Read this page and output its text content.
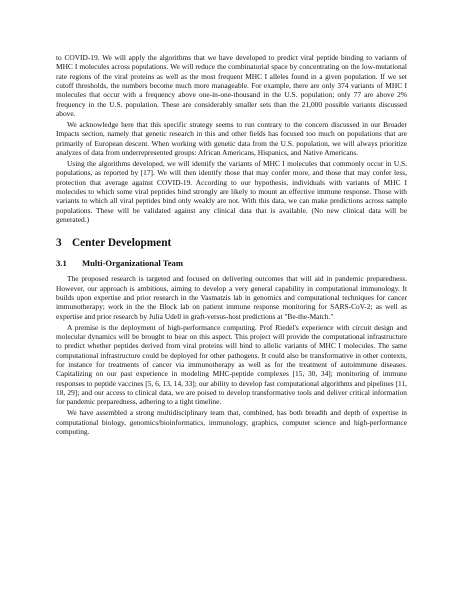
to COVID-19. We will apply the algorithms that we have developed to predict viral peptide binding to variants of MHC I molecules across populations. We will reduce the combinatorial space by concentrating on the low-mutational rate regions of the viral proteins as well as the most frequent MHC I alleles found in a given population. If we set cutoff thresholds, the numbers become much more manageable. For example, there are only 374 variants of MHC I molecules that occur with a frequency above one-in-one-thousand in the U.S. population; only 77 are above 2% frequency in the U.S. population. These are considerably smaller sets than the 21,000 possible variants discussed above.

We acknowledge here that this specific strategy seems to run contrary to the concern discussed in our Broader Impacts section, namely that genetic research in this and other fields has focused too much on populations that are primarily of European descent. When working with genetic data from the U.S. population, we will always prioritize analyzes of data from underrepresented groups: African Americans, Hispanics, and Native Americans.

Using the algorithms developed, we will identify the variants of MHC I molecules that commonly occur in U.S. populations, as reported by [17]. We will then identify those that may confer more, and those that may confer less, protection that average against COVID-19. According to our hypothesis, individuals with variants of MHC I molecules to which some viral peptides bind strongly are likely to mount an effective immune response. Those with variants to which all viral peptides bind only weakly are not. With this data, we can make predictions across sample populations. These will be validated against any clinical data that is available. (No new clinical data will be generated.)

3 Center Development
3.1 Multi-Organizational Team

The proposed research is targeted and focused on delivering outcomes that will aid in pandemic preparedness. However, our approach is ambitious, aiming to develop a very general capability in computational immunology. It builds upon expertise and prior research in the Vasmatzis lab in genomics and computational techniques for cancer immunotherapy; work in the the Block lab on patient immune response monitoring for SARS-CoV-2; as well as expertise and prior research by Julia Udell in graft-versus-host predictions at "Be-the-Match."

A premise is the deployment of high-performance computing. Prof Riedel's experience with circuit design and molecular dynamics will be brought to bear on this aspect. This project will provide the computational infrastructure to predict whether peptides derived from viral proteins will bind to allelic variants of MHC I molecules. The same computational infrastructure could be deployed for other pathogens. It could also be transformative in other contexts, for instance for treatments of cancer via immunotherapy as well as for the treatment of autoimmune diseases. Capitalizing on our past experience in modeling MHC-peptide complexes [15, 30, 34]; monitoring of immune responses to peptide vaccines [5, 6, 13, 14, 33]; our ability to develop fast computational algorithms and pipelines [11, 18, 29]; and our access to clinical data, we are poised to develop transformative tools and deliver critical information for pandemic preparedness, adhering to a tight timeline.

We have assembled a strong multidisciplinary team that, combined, has both breadth and depth of expertise in computational biology, genomics/bioinformatics, immunology, graphics, computer science and high-performance computing.
